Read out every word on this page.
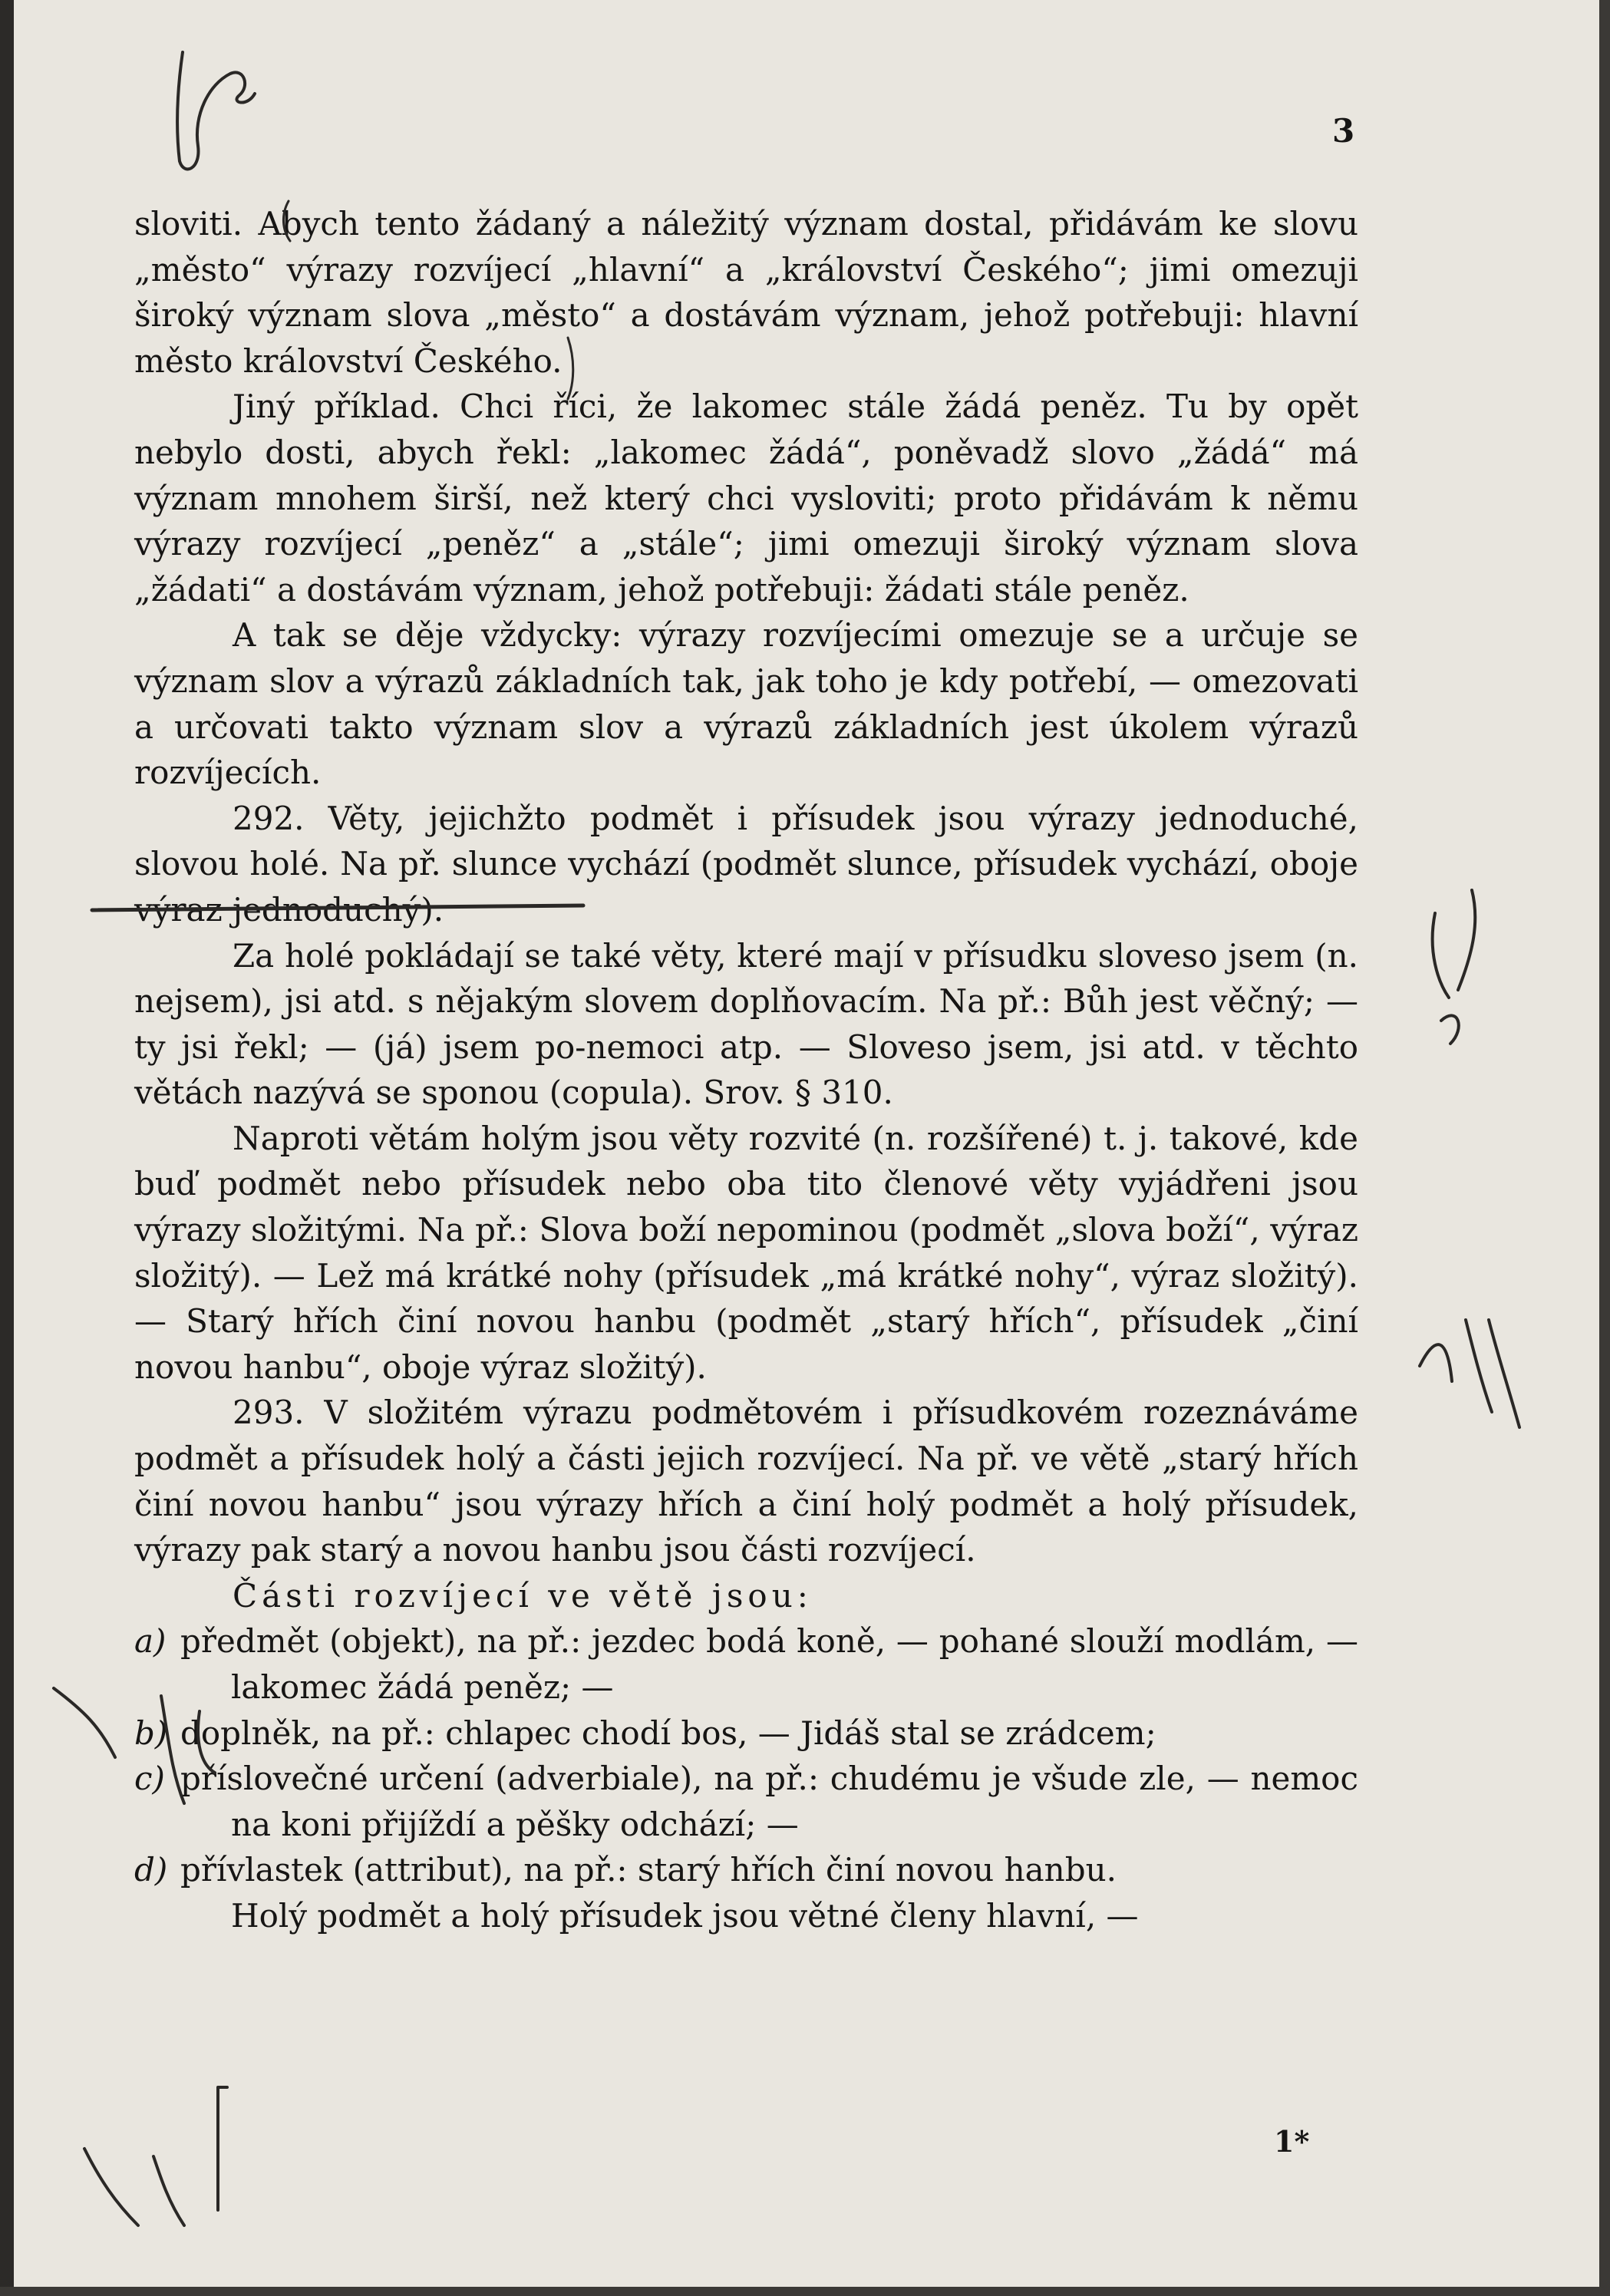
3

sloviti. Abych tento žádaný a náležitý význam dostal, přidávám ke slovu „město“ výrazy rozvíjecí „hlavní“ a „království Českého“; jimi omezuji široký význam slova „město“ a dostávám význam, jehož potřebuji: hlavní město království Českého.

Jiný příklad. Chci říci, že lakomec stále žádá peněz. Tu by opět nebylo dosti, abych řekl: „lakomec žádá“, poněvadž slovo „žádá“ má význam mnohem širší, než který chci vysloviti; proto přidávám k němu výrazy rozvíjecí „peněz“ a „stále“; jimi omezuji široký význam slova „žádati“ a dostávám význam, jehož potřebuji: žádati stále peněz.

A tak se děje vždycky: výrazy rozvíjecími omezuje se a určuje se význam slov a výrazů základních tak, jak toho je kdy potřebí, — omezovati a určovati takto význam slov a výrazů základních jest úkolem výrazů rozvíjecích.

292. Věty, jejichžto podmět i přísudek jsou výrazy jednoduché, slovou holé. Na př. slunce vychází (podmět slunce, přísudek vychází, oboje výraz jednoduchý).

Za holé pokládají se také věty, které mají v přísudku sloveso jsem (n. nejsem), jsi atd. s nějakým slovem doplňovacím. Na př.: Bůh jest věčný; — ty jsi řekl; — (já) jsem po-nemoci atp. — Sloveso jsem, jsi atd. v těchto větách nazývá se sponou (copula). Srov. § 310.

Naproti větám holým jsou věty rozvité (n. rozšířené) t. j. takové, kde buď podmět nebo přísudek nebo oba tito členové věty vyjádřeni jsou výrazy složitými. Na př.: Slova boží nepominou (podmět „slova boží“, výraz složitý). — Lež má krátké nohy (přísudek „má krátké nohy“, výraz složitý). — Starý hřích činí novou hanbu (podmět „starý hřích“, přísudek „činí novou hanbu“, oboje výraz složitý).

293. V složitém výrazu podmětovém i přísudkovém rozeznáváme podmět a přísudek holý a části jejich rozvíjecí. Na př. ve větě „starý hřích činí novou hanbu“ jsou výrazy hřích a činí holý podmět a holý přísudek, výrazy pak starý a novou hanbu jsou části rozvíjecí.

Části rozvíjecí ve větě jsou:

a) předmět (objekt), na př.: jezdec bodá koně, — pohané slouží modlám, — lakomec žádá peněz; —

b) doplněk, na př.: chlapec chodí bos, — Jidáš stal se zrádcem;

c) příslovečné určení (adverbiale), na př.: chudému je všude zle, — nemoc na koni přijíždí a pěšky odchází; —

d) přívlastek (attribut), na př.: starý hřích činí novou hanbu.

Holý podmět a holý přísudek jsou větné členy hlavní, —

1*
